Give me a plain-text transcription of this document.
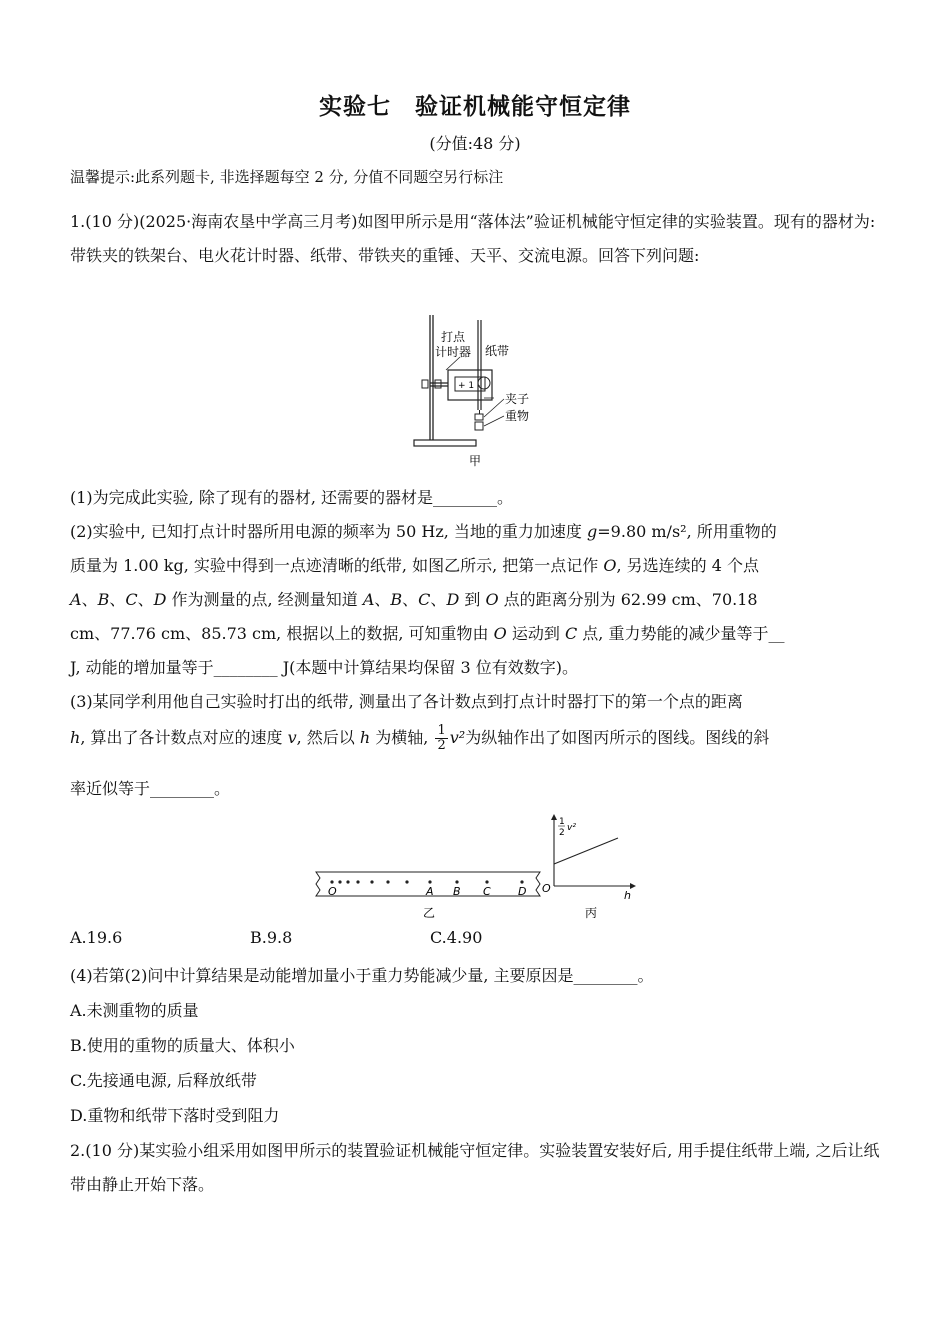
实验七　验证机械能守恒定律
(分值:48 分)
温馨提示:此系列题卡, 非选择题每空 2 分, 分值不同题空另行标注
1.(10 分)(2025·海南农垦中学高三月考)如图甲所示是用“落体法”验证机械能守恒定律的实验装置。现有的器材为:带铁夹的铁架台、电火花计时器、纸带、带铁夹的重锤、天平、交流电源。回答下列问题:
+ 1 -
打点
计时器 纸带
夹子
重物
甲
(1)为完成此实验, 除了现有的器材, 还需要的器材是________。
(2)实验中, 已知打点计时器所用电源的频率为 50 Hz, 当地的重力加速度 g=9.80 m/s², 所用重物的
质量为 1.00 kg, 实验中得到一点迹清晰的纸带, 如图乙所示, 把第一点记作 O, 另选连续的 4 个点
A、B、C、D 作为测量的点, 经测量知道 A、B、C、D 到 O 点的距离分别为 62.99 cm、70.18
cm、77.76 cm、85.73 cm, 根据以上的数据, 可知重物由 O 运动到 C 点, 重力势能的减少量等于__
J, 动能的增加量等于________ J(本题中计算结果均保留 3 位有效数字)。
(3)某同学利用他自己实验时打出的纸带, 测量出了各计数点到打点计时器打下的第一个点的距离
h, 算出了各计数点对应的速度 v, 然后以 h 为横轴, $\frac{1}{2} v^2$为纵轴作出了如图丙所示的图线。图线的斜
率近似等于________。
O	A B C D
乙
1
2 v²
O
h
丙
A.19.6	B.9.8	C.4.90
(4)若第(2)问中计算结果是动能增加量小于重力势能减少量, 主要原因是________。
A.未测重物的质量
B.使用的重物的质量大、体积小
C.先接通电源, 后释放纸带
D.重物和纸带下落时受到阻力
2.(10 分)某实验小组采用如图甲所示的装置验证机械能守恒定律。实验装置安装好后, 用手提住纸带上端, 之后让纸带由静止开始下落。
